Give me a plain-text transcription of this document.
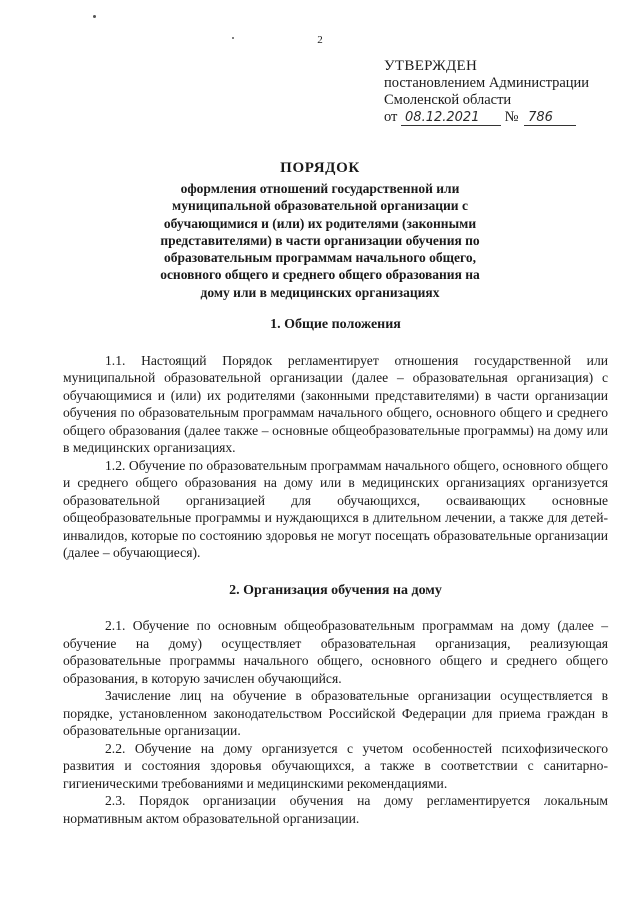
2
УТВЕРЖДЕН
постановлением Администрации
Смоленской области
от 08.12.2021 № 786
ПОРЯДОК
оформления отношений государственной или
муниципальной образовательной организации с
обучающимися и (или) их родителями (законными
представителями) в части организации обучения по
образовательным программам начального общего,
основного общего и среднего общего образования на
дому или в медицинских организациях
1. Общие положения

1.1. Настоящий Порядок регламентирует отношения государственной или муниципальной образовательной организации (далее – образовательная организация) с обучающимися и (или) их родителями (законными представителями) в части организации обучения по образовательным программам начального общего, основного общего и среднего общего образования (далее также – основные общеобразовательные программы) на дому или в медицинских организациях.

1.2. Обучение по образовательным программам начального общего, основного общего и среднего общего образования на дому или в медицинских организациях организуется образовательной организацией для обучающихся, осваивающих основные общеобразовательные программы и нуждающихся в длительном лечении, а также для детей-инвалидов, которые по состоянию здоровья не могут посещать образовательные организации (далее – обучающиеся).

2. Организация обучения на дому

2.1. Обучение по основным общеобразовательным программам на дому (далее – обучение на дому) осуществляет образовательная организация, реализующая образовательные программы начального общего, основного общего и среднего общего образования, в которую зачислен обучающийся.

Зачисление лиц на обучение в образовательные организации осуществляется в порядке, установленном законодательством Российской Федерации для приема граждан в образовательные организации.

2.2. Обучение на дому организуется с учетом особенностей психофизического развития и состояния здоровья обучающихся, а также в соответствии с санитарно-гигиеническими требованиями и медицинскими рекомендациями.

2.3. Порядок организации обучения на дому регламентируется локальным нормативным актом образовательной организации.
